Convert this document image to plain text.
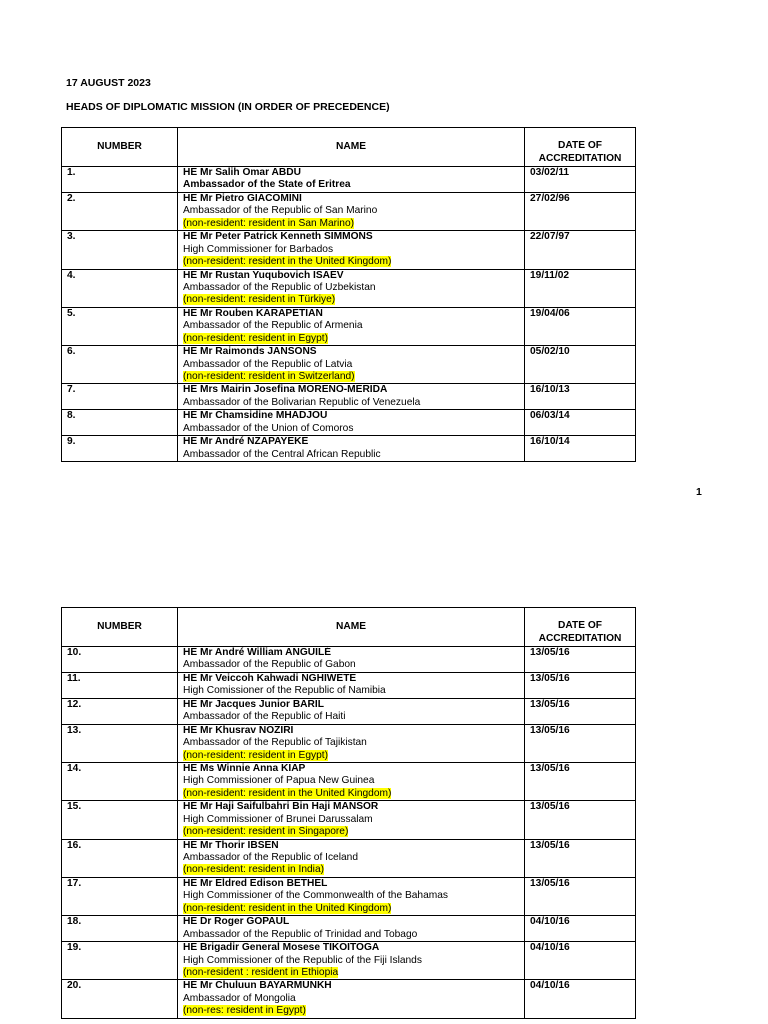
17 AUGUST 2023
HEADS OF DIPLOMATIC MISSION (IN ORDER OF PRECEDENCE)
NUMBER	NAME	DATE OF ACCREDITATION
1.	HE Mr Salih Omar ABDU
Ambassador of the State of Eritrea	03/02/11
2.	HE Mr Pietro GIACOMINI
Ambassador of the Republic of San Marino
(non-resident: resident in San Marino)	27/02/96
3.	HE Mr Peter Patrick Kenneth SIMMONS
High Commissioner for Barbados
(non-resident: resident in the United Kingdom)	22/07/97
4.	HE Mr Rustan Yuqubovich ISAEV
Ambassador of the Republic of Uzbekistan
(non-resident: resident in Türkiye)	19/11/02
5.	HE Mr Rouben KARAPETIAN
Ambassador of the Republic of Armenia
(non-resident: resident in Egypt)	19/04/06
6.	HE Mr Raimonds JANSONS
Ambassador of the Republic of Latvia
(non-resident: resident in Switzerland)	05/02/10
7.	HE Mrs Mairin Josefina MORENO-MERIDA
Ambassador of the Bolivarian Republic of Venezuela	16/10/13
8.	HE Mr Chamsidine MHADJOU
Ambassador of the Union of Comoros	06/03/14
9.	HE Mr André NZAPAYEKE
Ambassador of the Central African Republic	16/10/14
1
NUMBER	NAME	DATE OF ACCREDITATION
10.	HE Mr André William ANGUILÉ
Ambassador of the Republic of Gabon	13/05/16
11.	HE Mr Veiccoh Kahwadi NGHIWETE
High Comissioner of the Republic of Namibia	13/05/16
12.	HE Mr Jacques Junior BARIL
Ambassador of the Republic of Haiti	13/05/16
13.	HE Mr Khusrav NOZIRI
Ambassador of the Republic of Tajikistan
(non-resident: resident in Egypt)	13/05/16
14.	HE Ms Winnie Anna KIAP
High Commissioner of Papua New Guinea
(non-resident: resident in the United Kingdom)	13/05/16
15.	HE Mr Haji Saifulbahri Bin Haji MANSOR
High Commissioner of Brunei Darussalam
(non-resident: resident in Singapore)	13/05/16
16.	HE Mr Thorir IBSEN
Ambassador of the Republic of Iceland
(non-resident: resident in India)	13/05/16
17.	HE Mr Eldred Edison BETHEL
High Commissioner of the Commonwealth of the Bahamas
(non-resident: resident in the United Kingdom)	13/05/16
18.	HE Dr Roger GOPAUL
Ambassador of the Republic of Trinidad and Tobago	04/10/16
19.	HE Brigadir General Mosese TIKOITOGA
High Commissioner of the Republic of the Fiji Islands
(non-resident : resident in Ethiopia	04/10/16
20.	HE Mr Chuluun BAYARMUNKH
Ambassador of Mongolia
(non-res: resident in Egypt)	04/10/16
